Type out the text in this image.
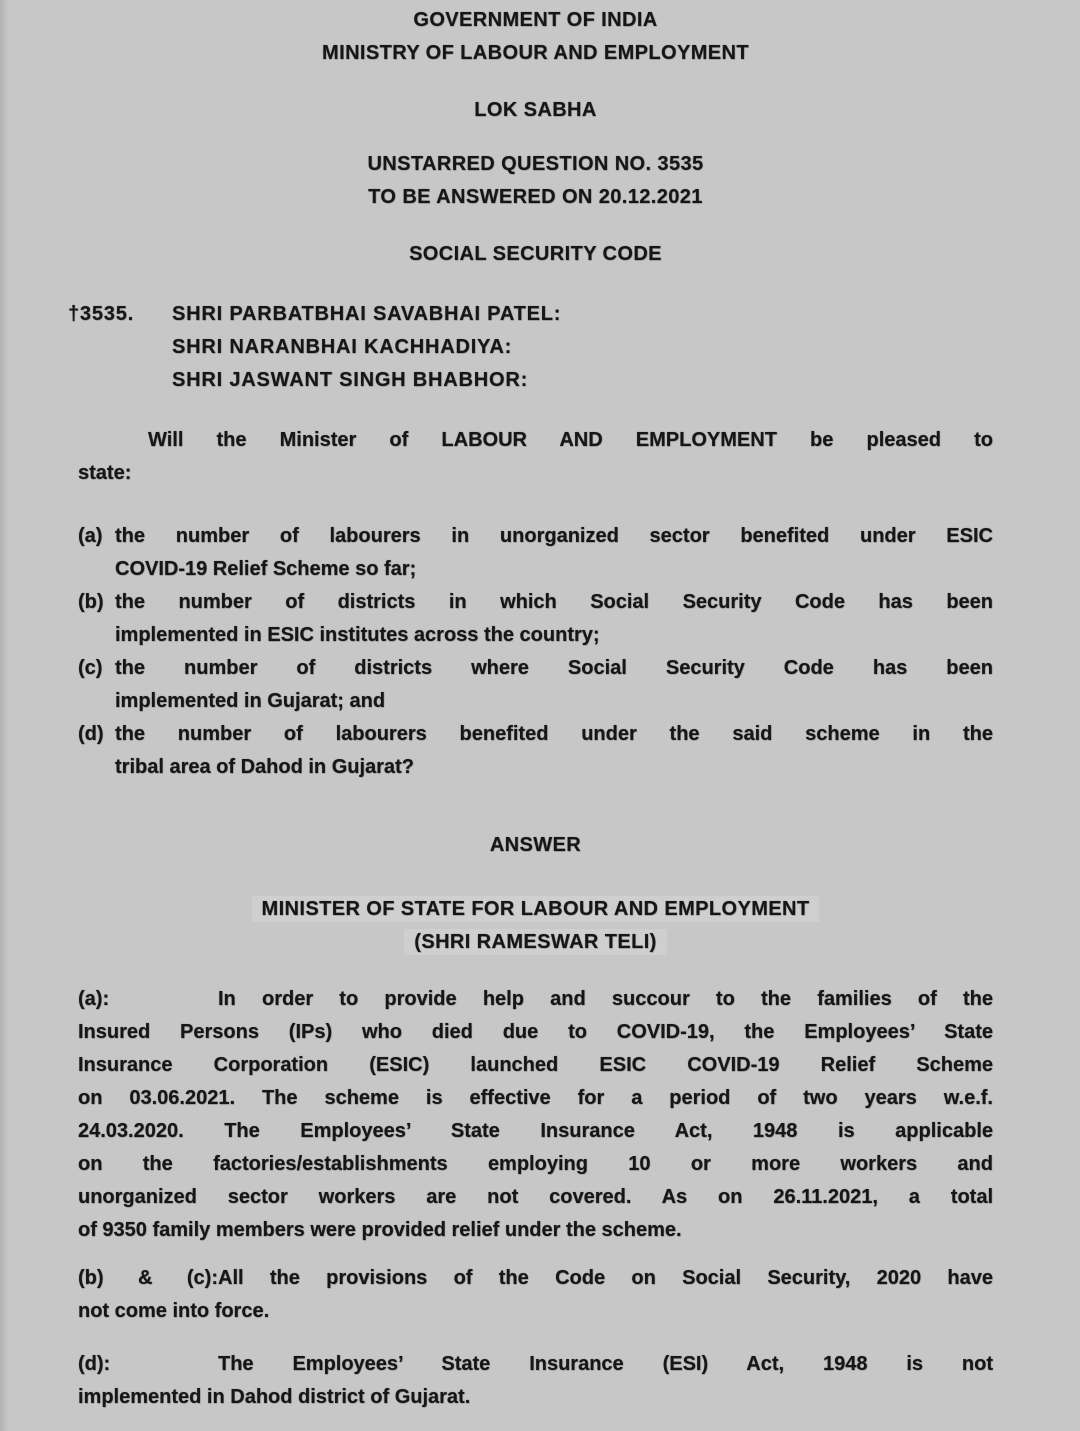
GOVERNMENT OF INDIA
MINISTRY OF LABOUR AND EMPLOYMENT
LOK SABHA
UNSTARRED QUESTION NO. 3535
TO BE ANSWERED ON 20.12.2021
SOCIAL SECURITY CODE
†3535. SHRI PARBATBHAI SAVABHAI PATEL:
SHRI NARANBHAI KACHHADIYA:
SHRI JASWANT SINGH BHABHOR:
Will the Minister of LABOUR AND EMPLOYMENT be pleased to
state:
(a) the number of labourers in unorganized sector benefited under ESIC
COVID-19 Relief Scheme so far;
(b) the number of districts in which Social Security Code has been
implemented in ESIC institutes across the country;
(c) the number of districts where Social Security Code has been
implemented in Gujarat; and
(d) the number of labourers benefited under the said scheme in the
tribal area of Dahod in Gujarat?
ANSWER
MINISTER OF STATE FOR LABOUR AND EMPLOYMENT
(SHRI RAMESWAR TELI)
(a):	In order to provide help and succour to the families of the
Insured Persons (IPs) who died due to COVID-19, the Employees’ State
Insurance Corporation (ESIC) launched ESIC COVID-19 Relief Scheme
on 03.06.2021. The scheme is effective for a period of two years w.e.f.
24.03.2020. The Employees’ State Insurance Act, 1948 is applicable
on the factories/establishments employing 10 or more workers and
unorganized sector workers are not covered. As on 26.11.2021, a total
of 9350 family members were provided relief under the scheme.
(b) & (c):All the provisions of the Code on Social Security, 2020 have
not come into force.
(d):	The Employees’ State Insurance (ESI) Act, 1948 is not
implemented in Dahod district of Gujarat.
